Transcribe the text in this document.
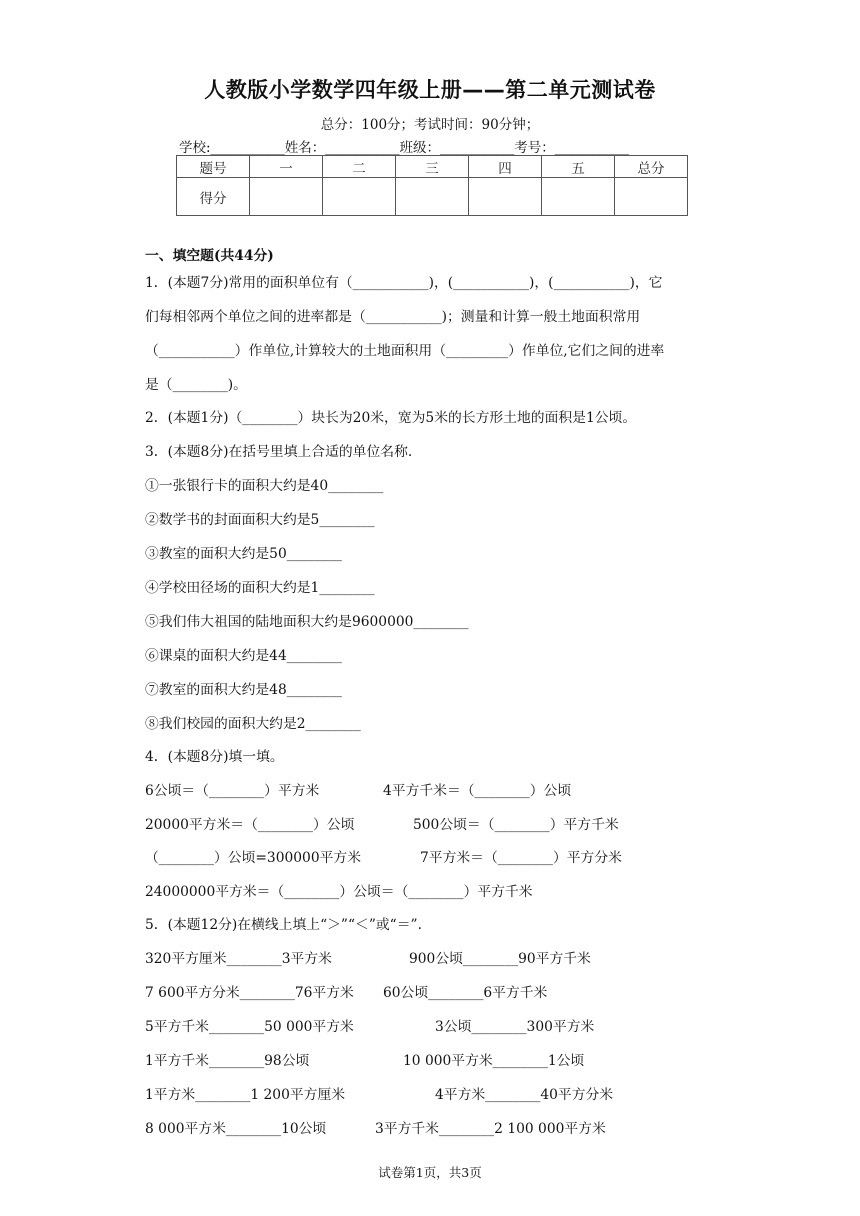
人教版小学数学四年级上册——第二单元测试卷
总分：100分；考试时间：90分钟；
学校:___________姓名：___________班级：___________考号：___________
题号	一	二	三	四	五	总分
得分						
一、填空题(共44分)
1．(本题7分)常用的面积单位有（___________)，(___________)，(___________)，它
们每相邻两个单位之间的进率都是（___________)；测量和计算一般土地面积常用
（___________）作单位,计算较大的土地面积用（_________）作单位,它们之间的进率
是（________)。
2．(本题1分)（________）块长为20米，宽为5米的长方形土地的面积是1公顷。
3．(本题8分)在括号里填上合适的单位名称.
①一张银行卡的面积大约是40________
②数学书的封面面积大约是5________
③教室的面积大约是50________
④学校田径场的面积大约是1________
⑤我们伟大祖国的陆地面积大约是9600000________
⑥课桌的面积大约是44________
⑦教室的面积大约是48________
⑧我们校园的面积大约是2________
4．(本题8分)填一填。
6公顷＝（________）平方米	4平方千米＝（________）公顷
20000平方米＝（________）公顷	500公顷＝（________）平方千米
（________）公顷=300000平方米	7平方米＝（________）平方分米
24000000平方米＝（________）公顷＝（________）平方千米
5．(本题12分)在横线上填上“＞”“＜”或“＝”.
320平方厘米________3平方米	900公顷________90平方千米
7 600平方分米________76平方米 60公顷________6平方千米
5平方千米________50 000平方米	3公顷________300平方米
1平方千米________98公顷	10 000平方米________1公顷
1平方米________1 200平方厘米	4平方米________40平方分米
8 000平方米________10公顷	3平方千米________2 100 000平方米
试卷第1页，共3页
